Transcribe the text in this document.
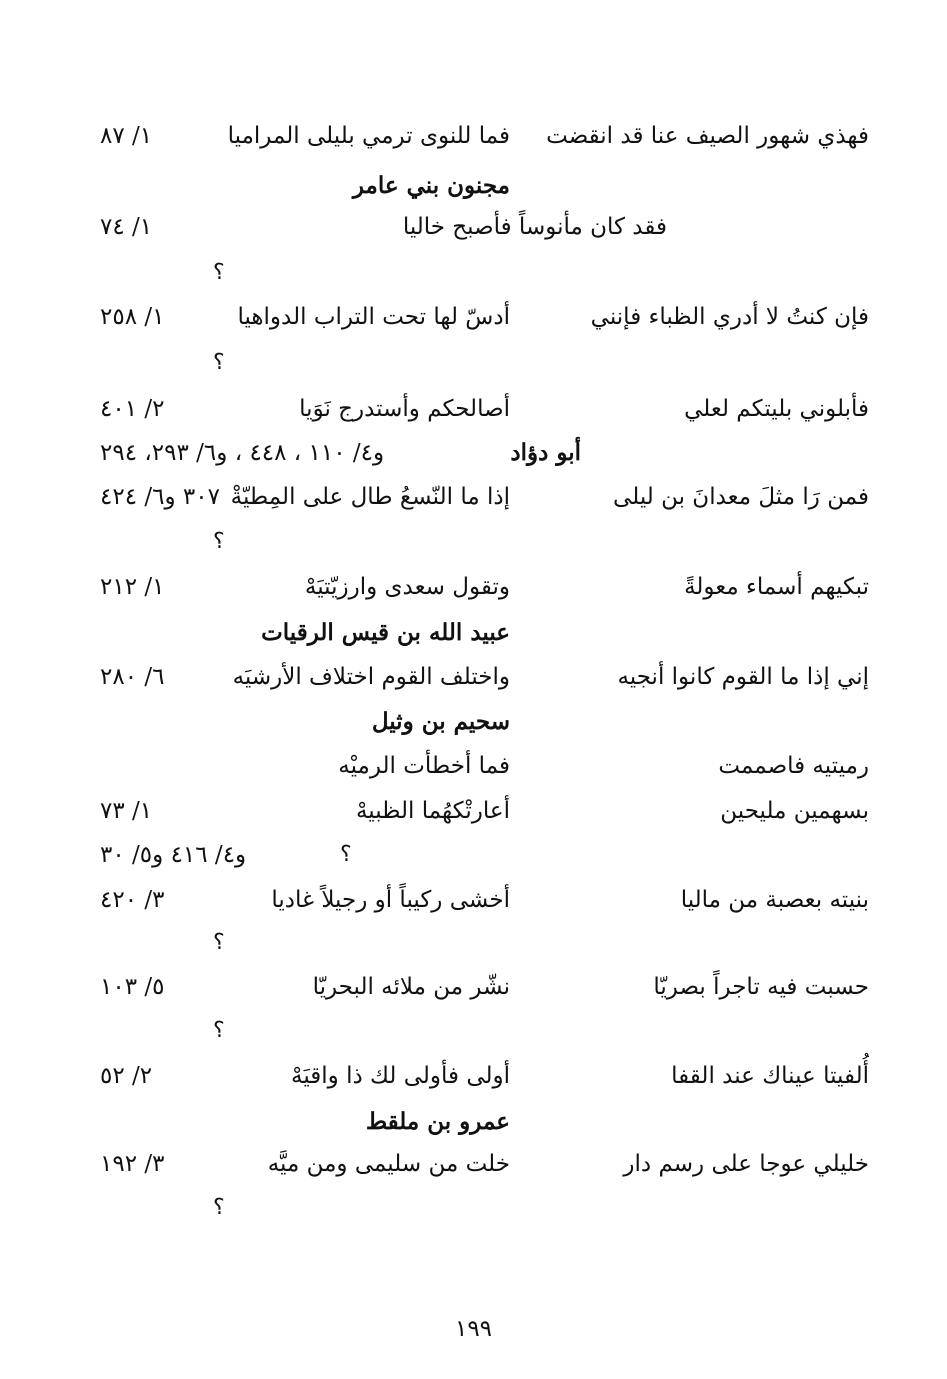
فهذي شهور الصيف عنا قد انقضت
فما للنوى ترمي بليلى المراميا
١/ ٨٧
مجنون بني عامر
فقد كان مأنوساً فأصبح خاليا
١/ ٧٤
؟
فإن كنتُ لا أدري الظباء فإنني
أدسّ لها تحت التراب الدواهيا
١/ ٢٥٨
؟
فأبلوني بليتكم لعلي
أصالحكم وأستدرج نَوَيا
٢/ ٤٠١
أبو دؤاد
و٤/ ١١٠ ، ٤٤٨ ، و٦/ ٢٩٣، ٢٩٤
فمن رَا مثلَ معدانَ بن ليلى
إذا ما النّسعُ طال على المِطيّةْ
٣٠٧ و٦/ ٤٢٤
؟
تبكيهم أسماء معولةً
وتقول سعدى وارزيّتيَهْ
١/ ٢١٢
عبيد الله بن قيس الرقيات
إني إذا ما القوم كانوا أنجيه
واختلف القوم اختلاف الأرشيَه
٦/ ٢٨٠
سحيم بن وثيل
رميتيه فاصممت
فما أخطأت الرميْه
بسهمين مليحين
أعارتْكهُما الظبيهْ
١/ ٧٣
؟
و٤/ ٤١٦ و٥/ ٣٠
بنيته بعصبة من ماليا
أخشى ركيباً أو رجيلاً غاديا
٣/ ٤٢٠
؟
حسبت فيه تاجراً بصريّا
نشّر من ملائه البحريّا
٥/ ١٠٣
؟
أُلفيتا عيناك عند القفا
أولى فأولى لك ذا واقيَهْ
٢/ ٥٢
عمرو بن ملقط
خليلي عوجا على رسم دار
خلت من سليمى ومن ميَّه
٣/ ١٩٢
؟
١٩٩
